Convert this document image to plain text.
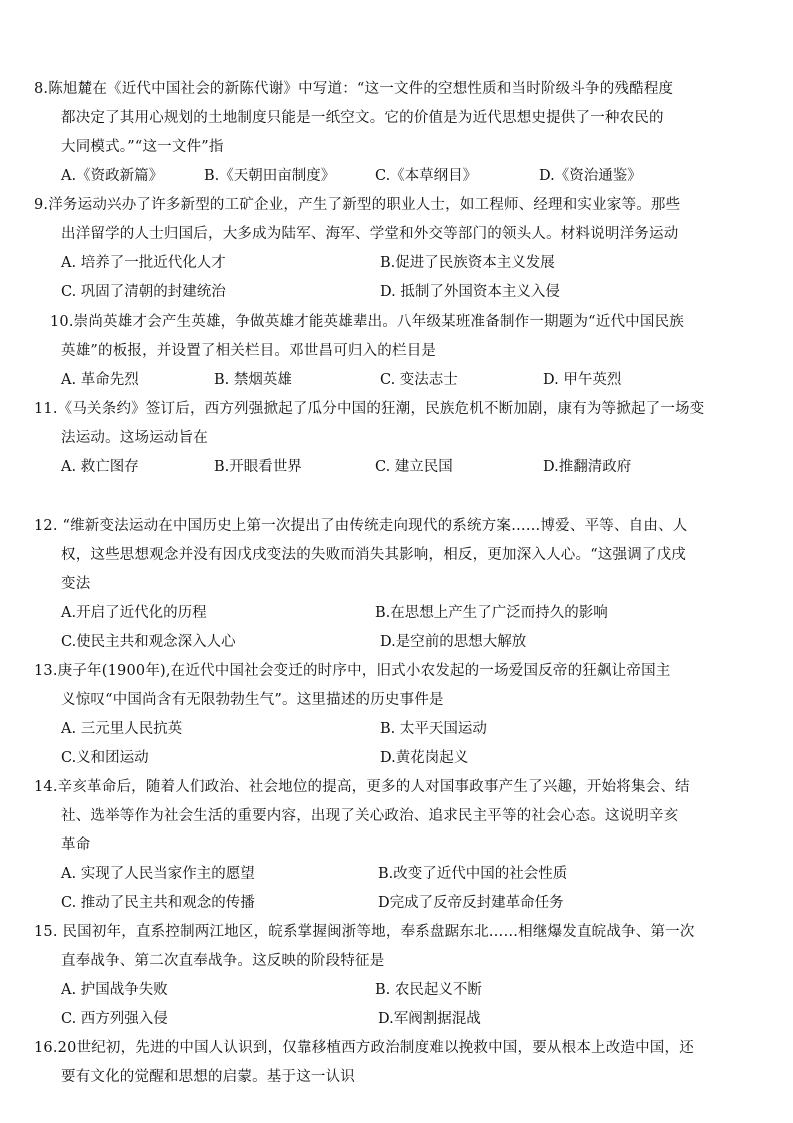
8.陈旭麓在《近代中国社会的新陈代谢》中写道：“这一文件的空想性质和当时阶级斗争的残酷程度
都决定了其用心规划的土地制度只能是一纸空文。它的价值是为近代思想史提供了一种农民的
大同模式。”“这一文件”指
A.《资政新篇》	B.《天朝田亩制度》	C.《本草纲目》	D.《资治通鉴》
9.洋务运动兴办了许多新型的工矿企业，产生了新型的职业人士，如工程师、经理和实业家等。那些
出洋留学的人士归国后，大多成为陆军、海军、学堂和外交等部门的领头人。材料说明洋务运动
A. 培养了一批近代化人才	B.促进了民族资本主义发展
C. 巩固了清朝的封建统治	D. 抵制了外国资本主义入侵
10.崇尚英雄才会产生英雄，争做英雄才能英雄辈出。八年级某班准备制作一期题为“近代中国民族
英雄”的板报，并设置了相关栏目。邓世昌可归入的栏目是
A. 革命先烈	B. 禁烟英雄	C. 变法志士	D. 甲午英烈
11.《马关条约》签订后，西方列强掀起了瓜分中国的狂潮，民族危机不断加剧，康有为等掀起了一场变
法运动。这场运动旨在
A. 救亡图存	B.开眼看世界	C. 建立民国	D.推翻清政府
12. “维新变法运动在中国历史上第一次提出了由传统走向现代的系统方案……博爱、平等、自由、人
权，这些思想观念并没有因戊戌变法的失败而消失其影响，相反，更加深入人心。“这强调了戊戌
变法
A.开启了近代化的历程	B.在思想上产生了广泛而持久的影响
C.使民主共和观念深入人心	D.是空前的思想大解放
13.庚子年(1900年),在近代中国社会变迁的时序中，旧式小农发起的一场爱国反帝的狂飙让帝国主
义惊叹“中国尚含有无限勃勃生气”。这里描述的历史事件是
A. 三元里人民抗英	B. 太平天国运动
C.义和团运动	D.黄花岗起义
14.辛亥革命后，随着人们政治、社会地位的提高，更多的人对国事政事产生了兴趣，开始将集会、结
社、选举等作为社会生活的重要内容，出现了关心政治、追求民主平等的社会心态。这说明辛亥
革命
A. 实现了人民当家作主的愿望	B.改变了近代中国的社会性质
C. 推动了民主共和观念的传播	D完成了反帝反封建革命任务
15. 民国初年，直系控制两江地区，皖系掌握闽浙等地，奉系盘踞东北……相继爆发直皖战争、第一次
直奉战争、第二次直奉战争。这反映的阶段特征是
A. 护国战争失败	B. 农民起义不断
C. 西方列强入侵	D.军阀割据混战
16.20世纪初，先进的中国人认识到，仅靠移植西方政治制度难以挽救中国，要从根本上改造中国，还
要有文化的觉醒和思想的启蒙。基于这一认识
